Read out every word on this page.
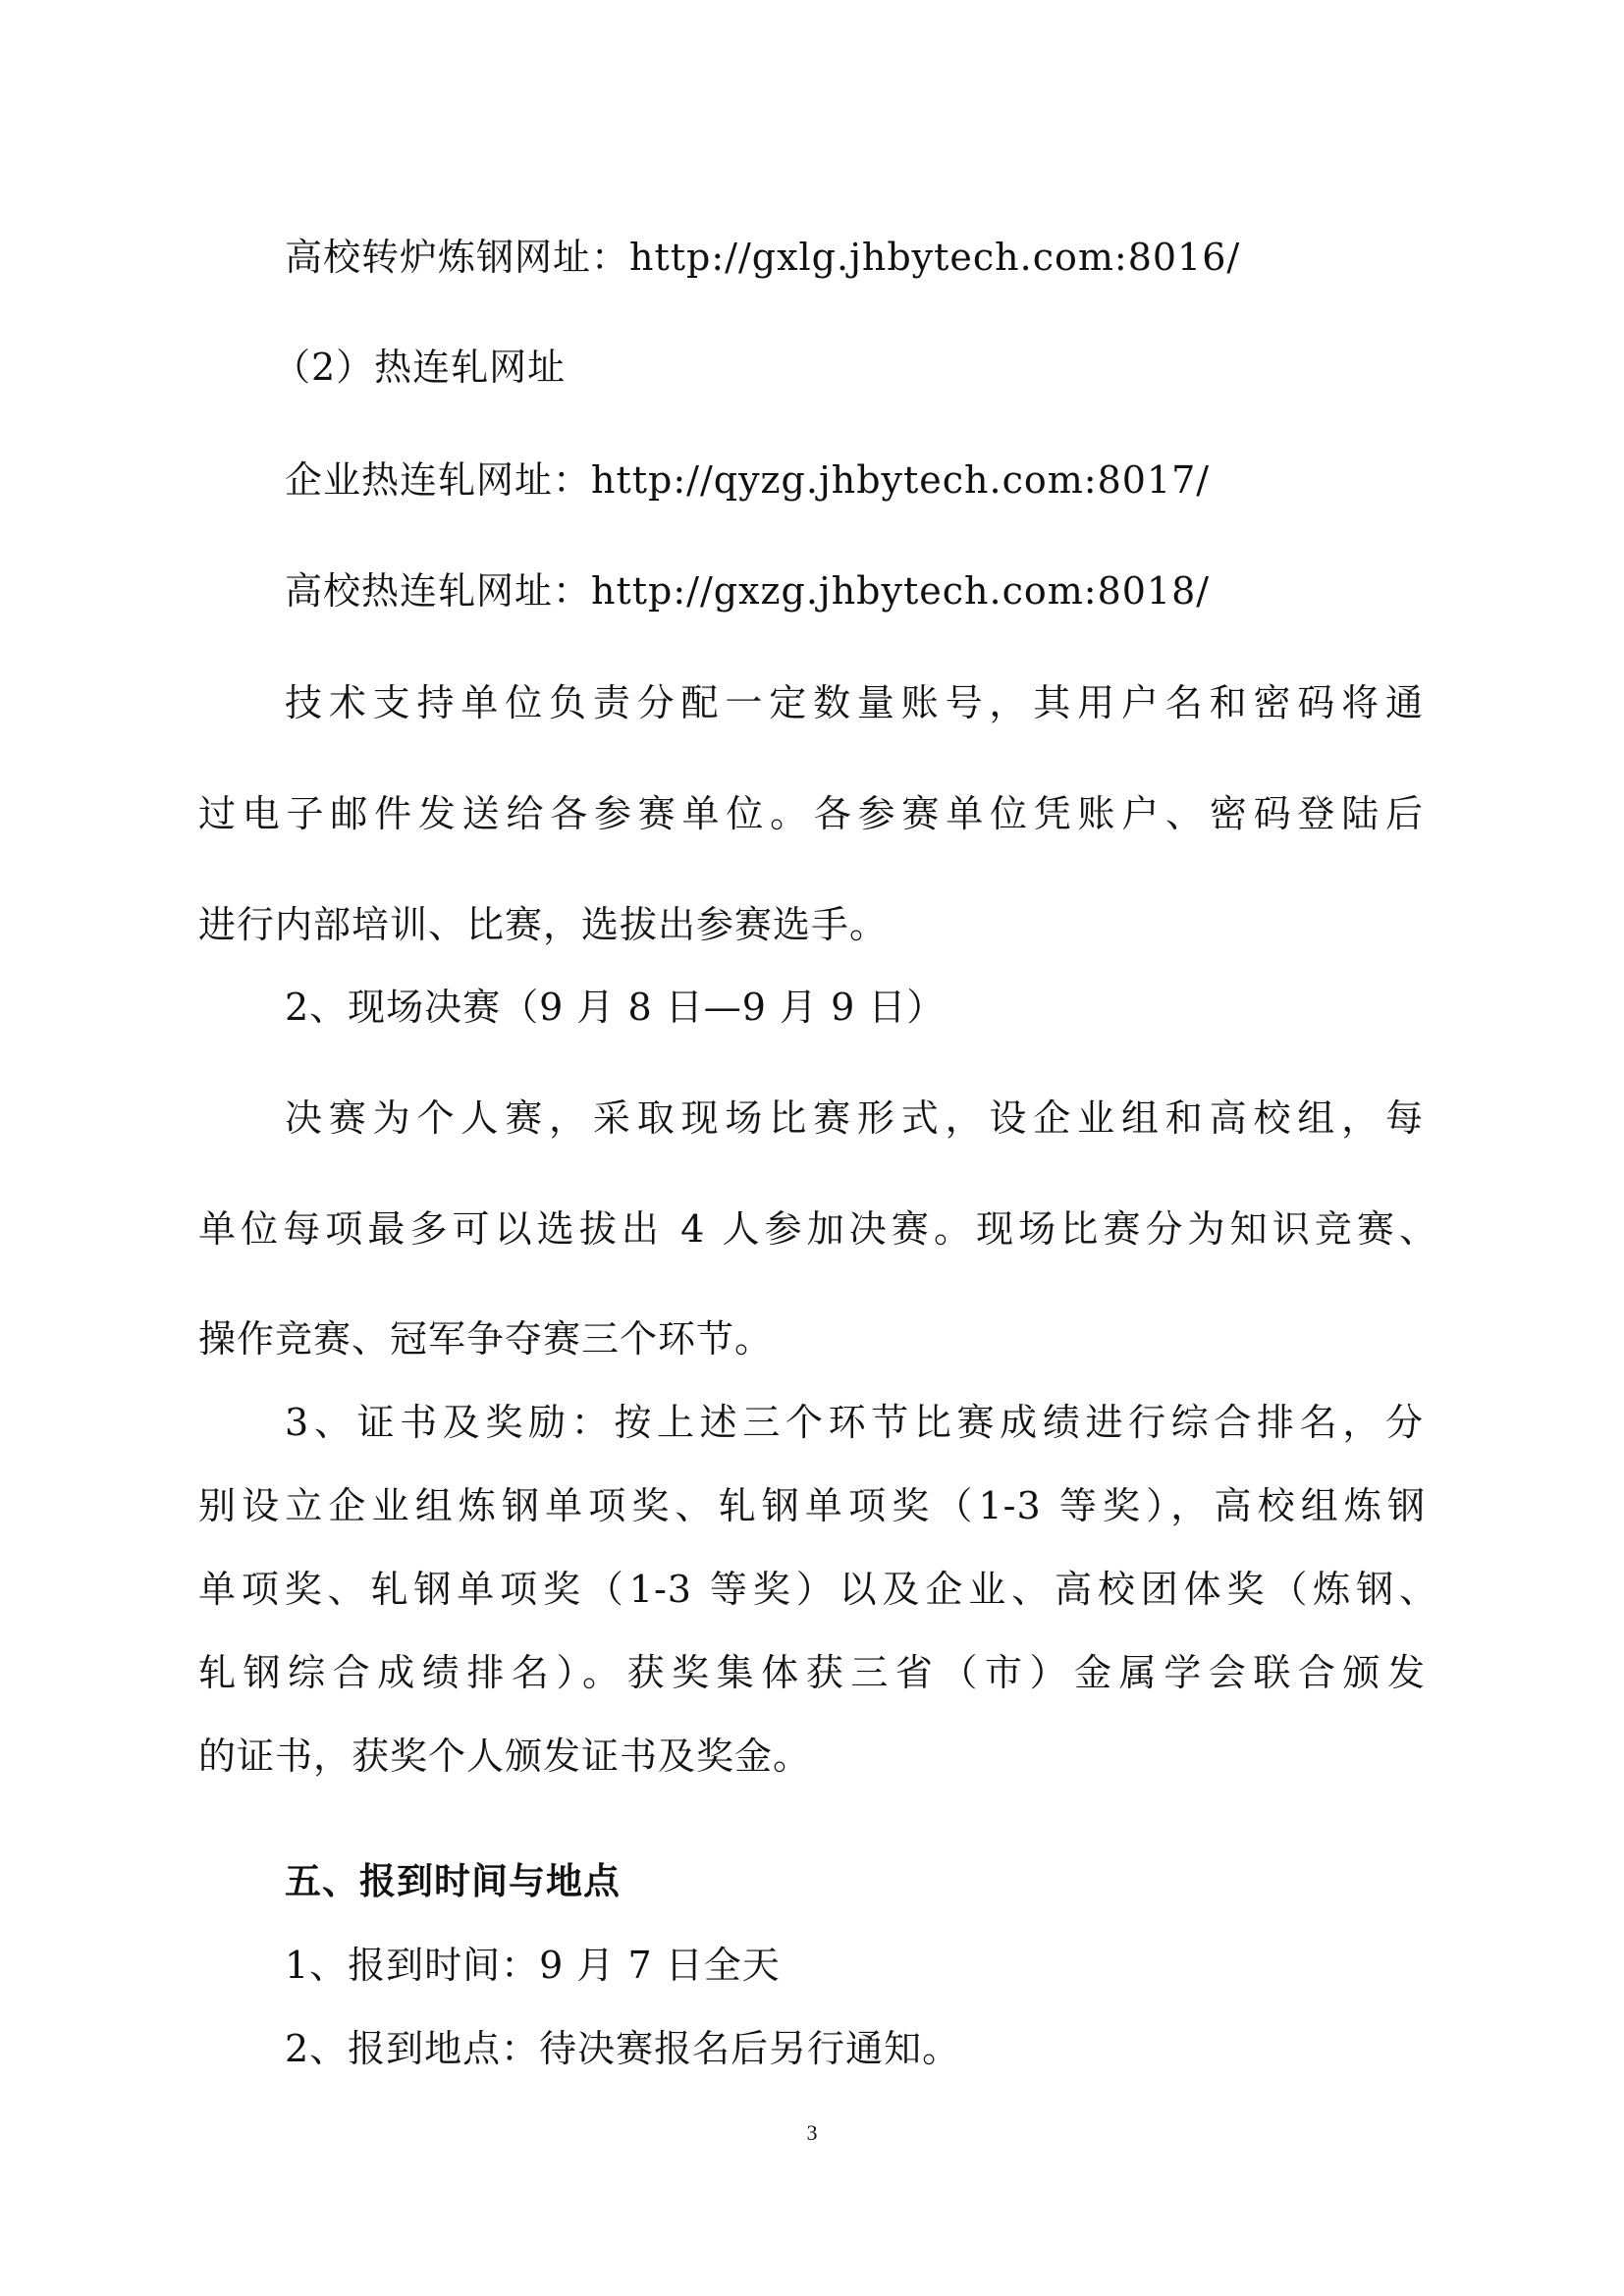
高校转炉炼钢网址：http://gxlg.jhbytech.com:8016/
（2）热连轧网址
企业热连轧网址：http://qyzg.jhbytech.com:8017/
高校热连轧网址：http://gxzg.jhbytech.com:8018/
技术支持单位负责分配一定数量账号，其用户名和密码将通
过电子邮件发送给各参赛单位。各参赛单位凭账户、密码登陆后
进行内部培训、比赛，选拔出参赛选手。
2、现场决赛（9 月 8 日—9 月 9 日）
决赛为个人赛，采取现场比赛形式，设企业组和高校组，每
单位每项最多可以选拔出 4 人参加决赛。现场比赛分为知识竞赛、
操作竞赛、冠军争夺赛三个环节。
3、证书及奖励：按上述三个环节比赛成绩进行综合排名，分
别设立企业组炼钢单项奖、轧钢单项奖（1-3 等奖），高校组炼钢
单项奖、轧钢单项奖（1-3 等奖）以及企业、高校团体奖（炼钢、
轧钢综合成绩排名）。获奖集体获三省（市）金属学会联合颁发
的证书，获奖个人颁发证书及奖金。
五、报到时间与地点
1、报到时间：9 月 7 日全天
2、报到地点：待决赛报名后另行通知。
3
